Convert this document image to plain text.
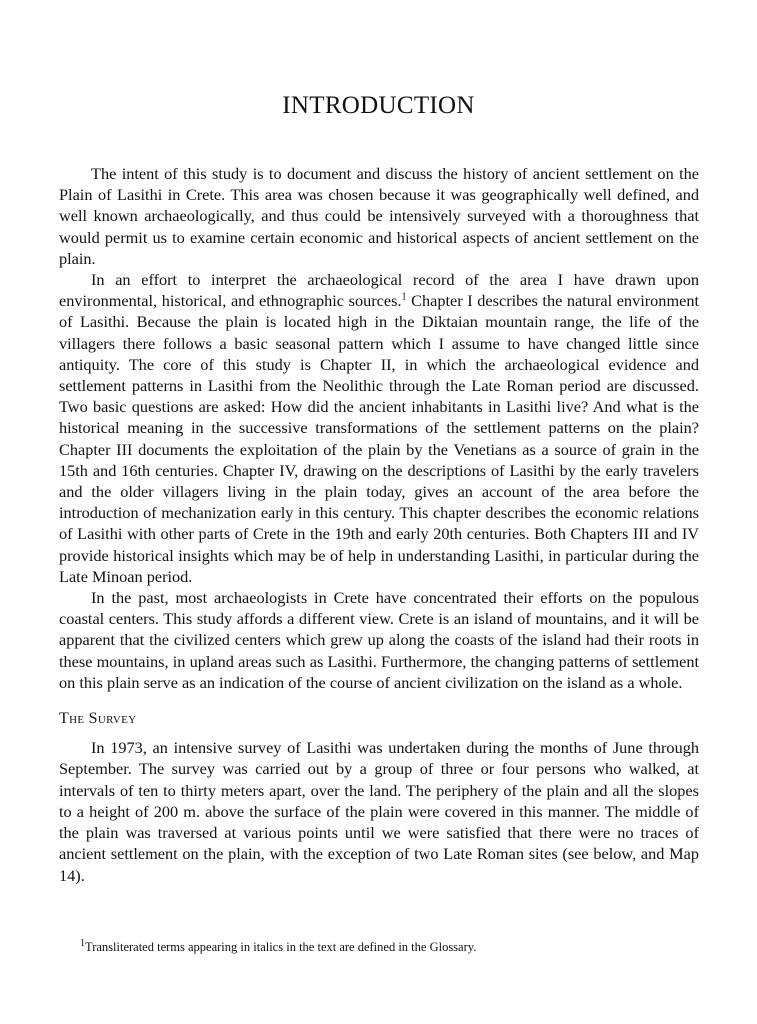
INTRODUCTION

The intent of this study is to document and discuss the history of ancient settlement on the Plain of Lasithi in Crete. This area was chosen because it was geographically well defined, and well known archaeologically, and thus could be intensively surveyed with a thoroughness that would permit us to examine certain economic and historical aspects of ancient settlement on the plain.

In an effort to interpret the archaeological record of the area I have drawn upon environmental, historical, and ethnographic sources.$^1$ Chapter I describes the natural environment of Lasithi. Because the plain is located high in the Diktaian mountain range, the life of the villagers there follows a basic seasonal pattern which I assume to have changed little since antiquity. The core of this study is Chapter II, in which the archaeological evidence and settlement patterns in Lasithi from the Neolithic through the Late Roman period are discussed. Two basic questions are asked: How did the ancient inhabitants in Lasithi live? And what is the historical meaning in the successive transformations of the settlement patterns on the plain? Chapter III documents the exploitation of the plain by the Venetians as a source of grain in the 15th and 16th centuries. Chapter IV, drawing on the descriptions of Lasithi by the early travelers and the older villagers living in the plain today, gives an account of the area before the introduction of mechanization early in this century. This chapter describes the economic relations of Lasithi with other parts of Crete in the 19th and early 20th centuries. Both Chapters III and IV provide historical insights which may be of help in understanding Lasithi, in particular during the Late Minoan period.

In the past, most archaeologists in Crete have concentrated their efforts on the populous coastal centers. This study affords a different view. Crete is an island of mountains, and it will be apparent that the civilized centers which grew up along the coasts of the island had their roots in these mountains, in upland areas such as Lasithi. Furthermore, the changing patterns of settlement on this plain serve as an indication of the course of ancient civilization on the island as a whole.

The Survey

In 1973, an intensive survey of Lasithi was undertaken during the months of June through September. The survey was carried out by a group of three or four persons who walked, at intervals of ten to thirty meters apart, over the land. The periphery of the plain and all the slopes to a height of 200 m. above the surface of the plain were covered in this manner. The middle of the plain was traversed at various points until we were satisfied that there were no traces of ancient settlement on the plain, with the exception of two Late Roman sites (see below, and Map 14).

$^1$Transliterated terms appearing in italics in the text are defined in the Glossary.
